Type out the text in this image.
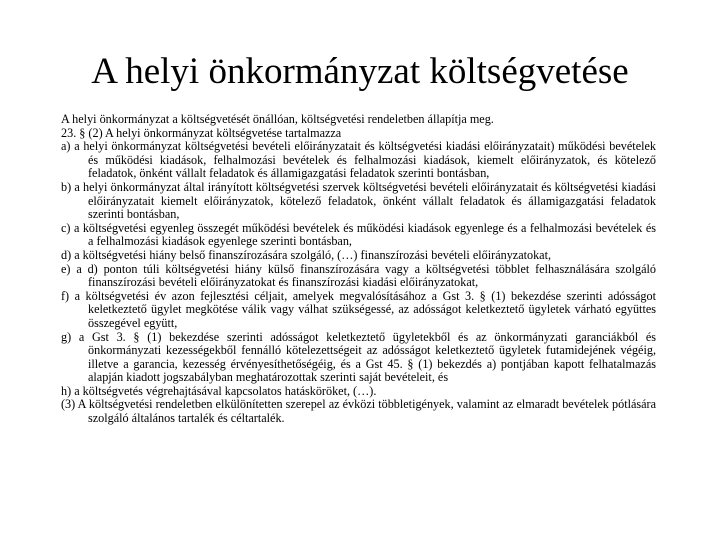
A helyi önkormányzat költségvetése

A helyi önkormányzat a költségvetését önállóan, költségvetési rendeletben állapítja meg.

23. § (2) A helyi önkormányzat költségvetése tartalmazza

a) a helyi önkormányzat költségvetési bevételi előirányzatait és költségvetési kiadási előirányzatait) működési bevételek és működési kiadások, felhalmozási bevételek és felhalmozási kiadások, kiemelt előirányzatok, és kötelező feladatok, önként vállalt feladatok és államigazgatási feladatok szerinti bontásban,

b) a helyi önkormányzat által irányított költségvetési szervek költségvetési bevételi előirányzatait és költségvetési kiadási előirányzatait kiemelt előirányzatok, kötelező feladatok, önként vállalt feladatok és államigazgatási feladatok szerinti bontásban,

c) a költségvetési egyenleg összegét működési bevételek és működési kiadások egyenlege és a felhalmozási bevételek és a felhalmozási kiadások egyenlege szerinti bontásban,

d) a költségvetési hiány belső finanszírozására szolgáló, (…) finanszírozási bevételi előirányzatokat,

e) a d) ponton túli költségvetési hiány külső finanszírozására vagy a költségvetési többlet felhasználására szolgáló finanszírozási bevételi előirányzatokat és finanszírozási kiadási előirányzatokat,

f) a költségvetési év azon fejlesztési céljait, amelyek megvalósításához a Gst 3. § (1) bekezdése szerinti adósságot keletkeztető ügylet megkötése válik vagy válhat szükségessé, az adósságot keletkeztető ügyletek várható együttes összegével együtt,

g) a Gst 3. § (1) bekezdése szerinti adósságot keletkeztető ügyletekből és az önkormányzati garanciákból és önkormányzati kezességekből fennálló kötelezettségeit az adósságot keletkeztető ügyletek futamidejének végéig, illetve a garancia, kezesség érvényesíthetőségéig, és a Gst 45. § (1) bekezdés a) pontjában kapott felhatalmazás alapján kiadott jogszabályban meghatározottak szerinti saját bevételeit, és

h) a költségvetés végrehajtásával kapcsolatos hatásköröket, (…).

(3) A költségvetési rendeletben elkülönítetten szerepel az évközi többletigények, valamint az elmaradt bevételek pótlására szolgáló általános tartalék és céltartalék.
